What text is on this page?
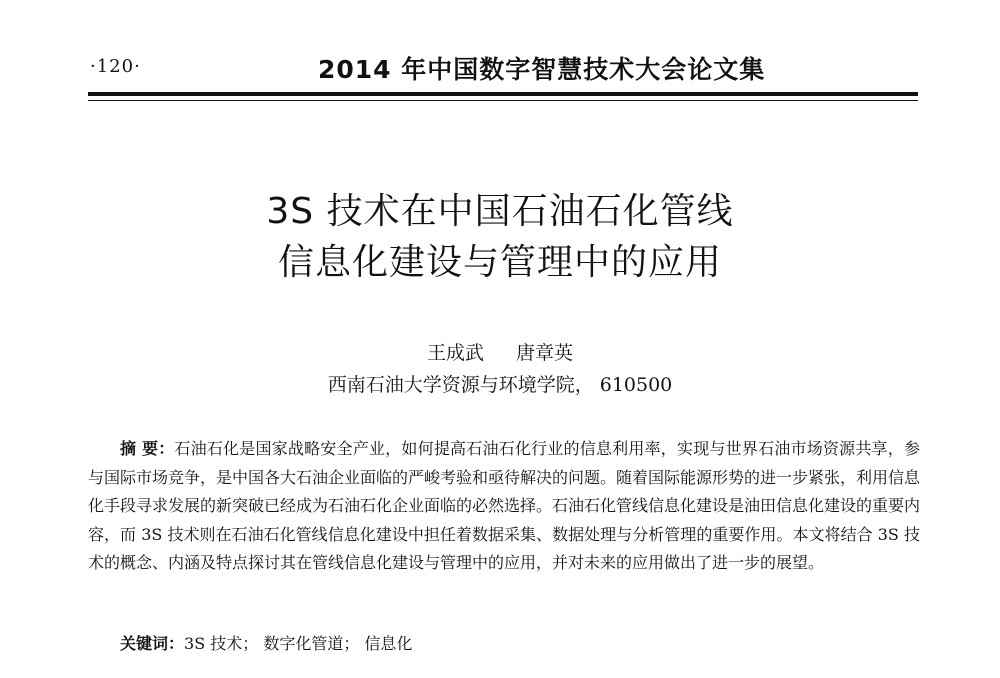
·120·	2014 年中国数字智慧技术大会论文集
3S 技术在中国石油石化管线
信息化建设与管理中的应用
王成武 唐章英
西南石油大学资源与环境学院， 610500
摘 要：石油石化是国家战略安全产业，如何提高石油石化行业的信息利用率，实现与世界石油市场资源共享，参与国际市场竞争，是中国各大石油企业面临的严峻考验和亟待解决的问题。随着国际能源形势的进一步紧张，利用信息化手段寻求发展的新突破已经成为石油石化企业面临的必然选择。石油石化管线信息化建设是油田信息化建设的重要内容，而 3S 技术则在石油石化管线信息化建设中担任着数据采集、数据处理与分析管理的重要作用。本文将结合 3S 技术的概念、内涵及特点探讨其在管线信息化建设与管理中的应用，并对未来的应用做出了进一步的展望。
关键词：3S 技术； 数字化管道； 信息化
